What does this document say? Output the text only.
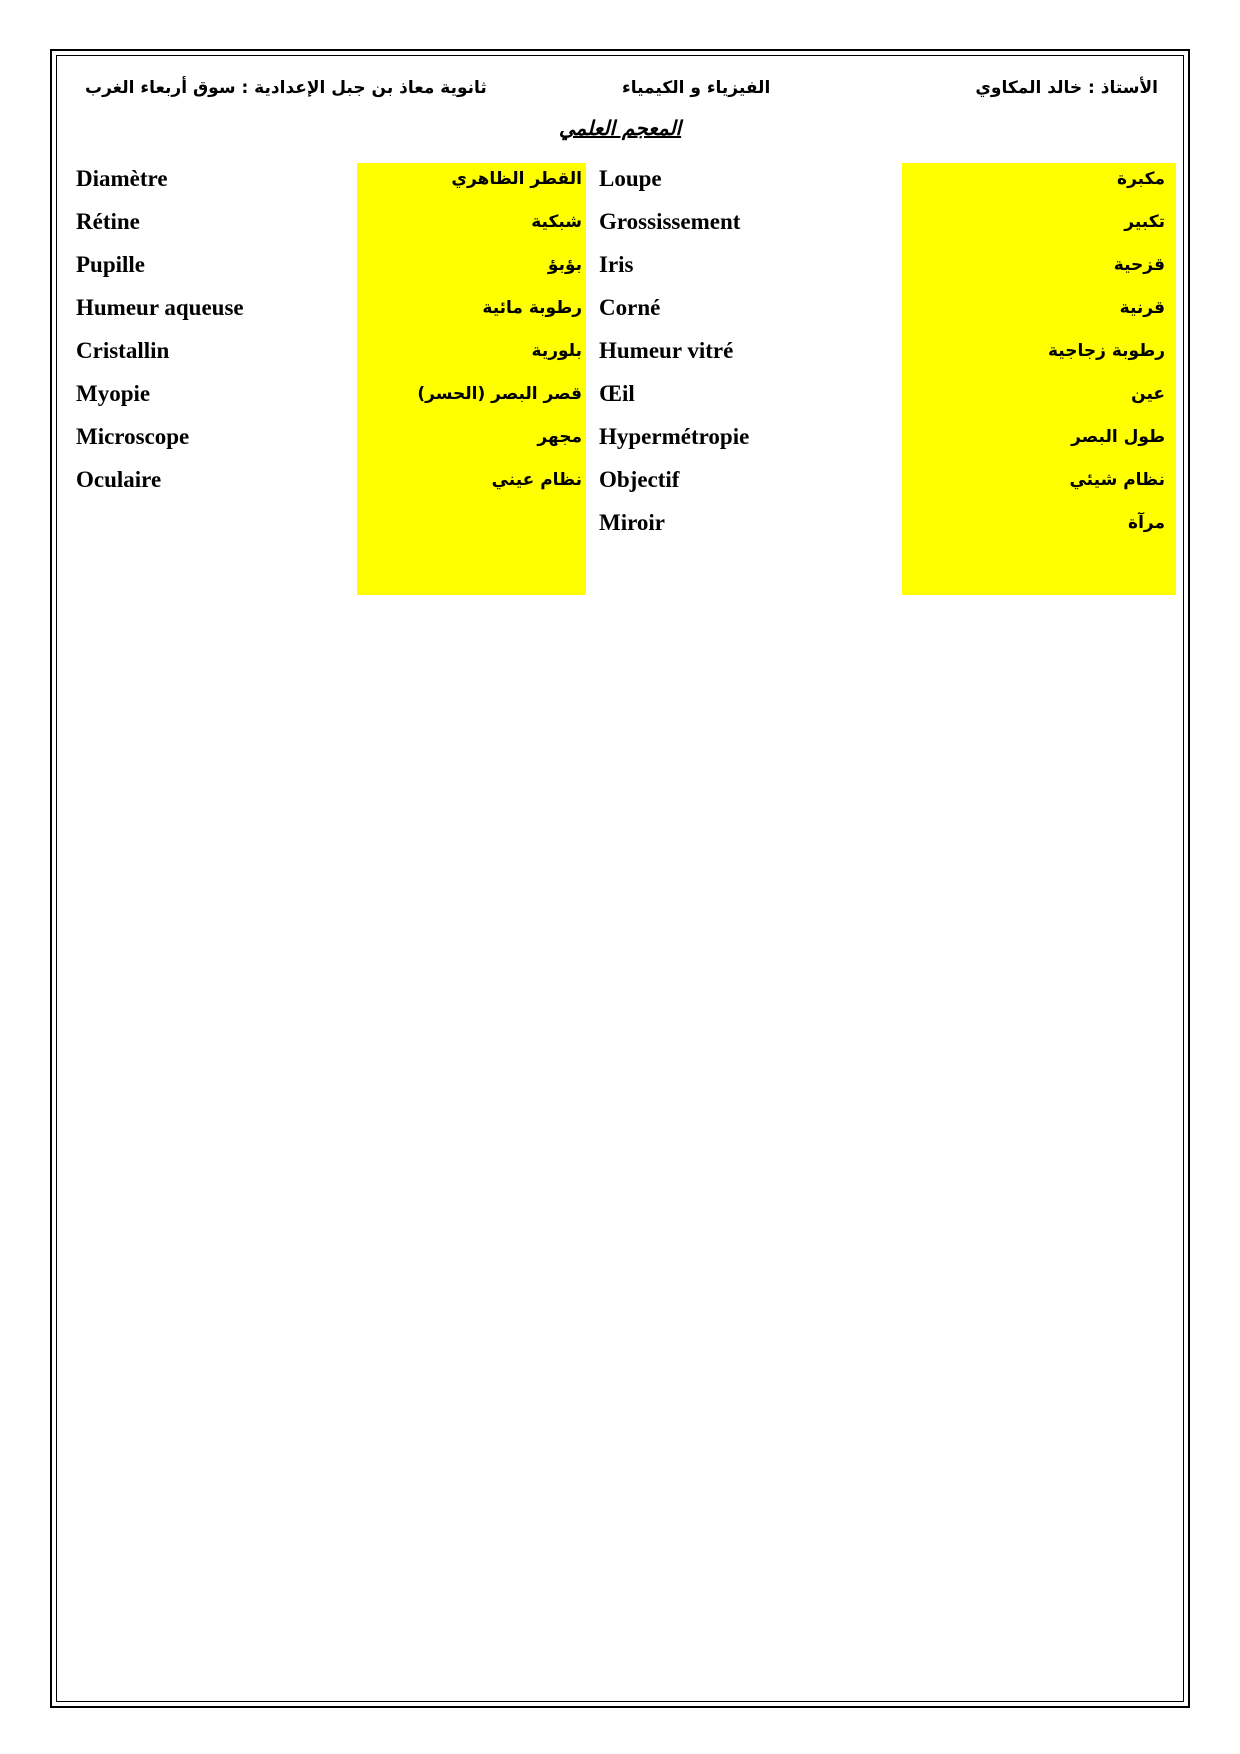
الأستاذ : خالد المكاوي
الفيزياء و الكيمياء
ثانوية معاذ بن جبل الإعدادية : سوق أربعاء الغرب
المعجم العلمي
مكبرة
Loupe
تكبير
Grossissement
قزحية
Iris
قرنية
Corné
رطوبة زجاجية
Humeur vitré
عين
Œil
طول البصر
Hypermétropie
نظام شيئي
Objectif
مرآة
Miroir
القطر الظاهري
Diamètre
شبكية
Rétine
بؤبؤ
Pupille
رطوبة مائية
Humeur aqueuse
بلورية
Cristallin
قصر البصر (الحسر)
Myopie
مجهر
Microscope
نظام عيني
Oculaire
